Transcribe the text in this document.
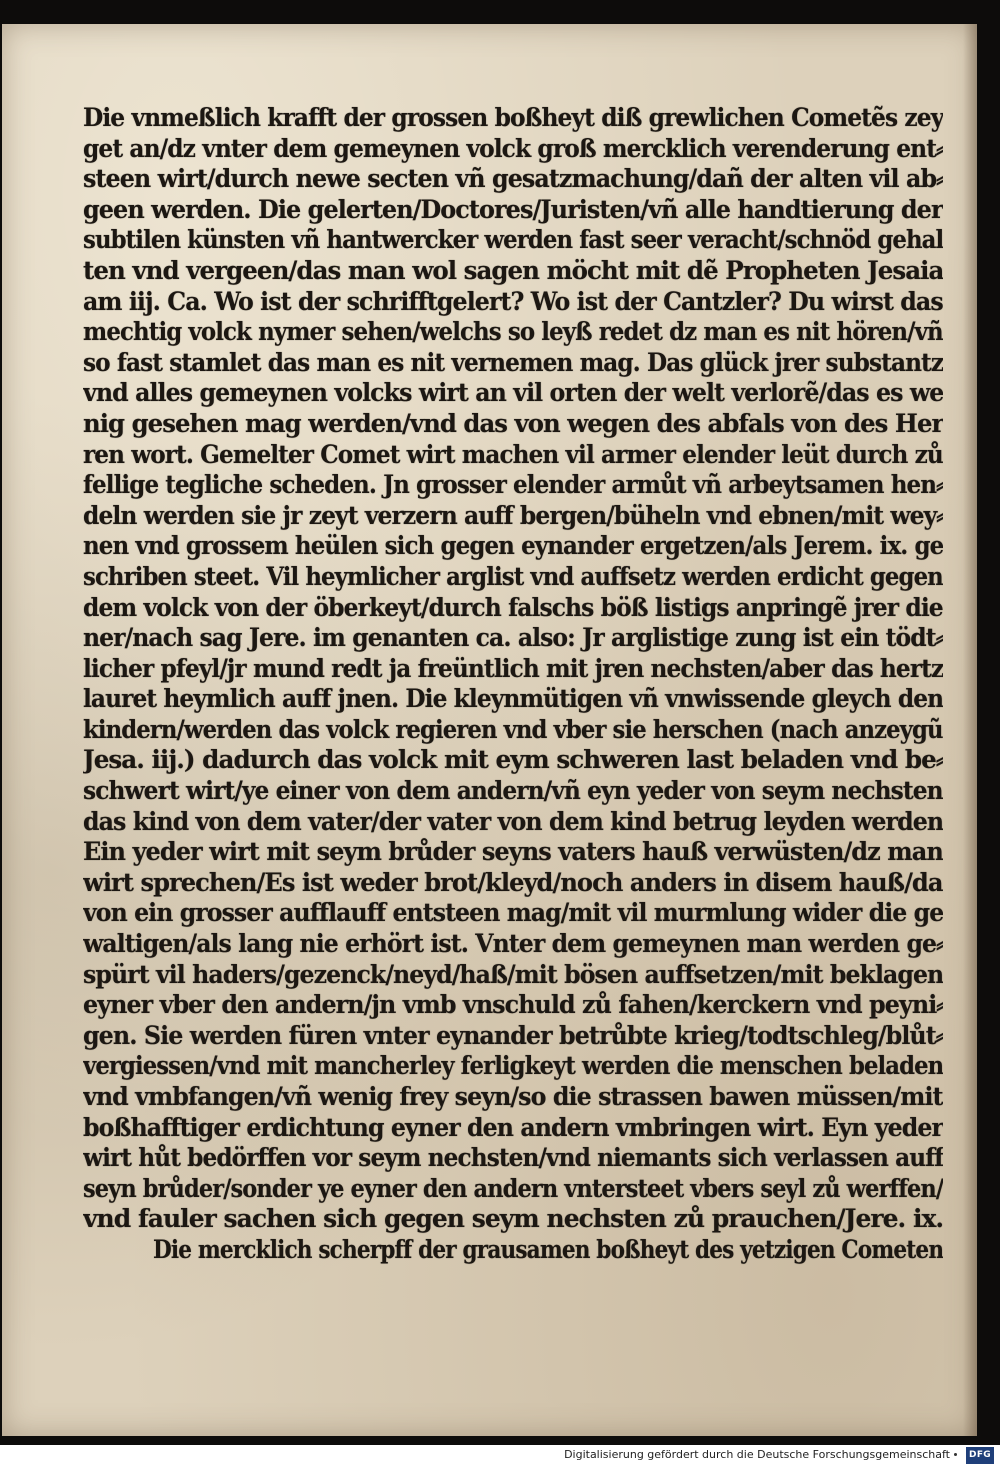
Die vnmeßlich krafft der grossen boßheyt diß grewlichen Cometẽs zey
get an/dz vnter dem gemeynen volck groß mercklich verenderung ent⸗
steen wirt/durch newe secten vñ gesatzmachung/dañ der alten vil ab⸗
geen werden. Die gelerten/Doctores/Juristen/vñ alle handtierung der
subtilen künsten vñ hantwercker werden fast seer veracht/schnöd gehal
ten vnd vergeen/das man wol sagen möcht mit dẽ Propheten Jesaia
am iij. Ca. Wo ist der schrifftgelert? Wo ist der Cantzler? Du wirst das
mechtig volck nymer sehen/welchs so leyß redet dz man es nit hören/vñ
so fast stamlet das man es nit vernemen mag. Das glück jrer substantz
vnd alles gemeynen volcks wirt an vil orten der welt verlorẽ/das es we
nig gesehen mag werden/vnd das von wegen des abfals von des Her
ren wort. Gemelter Comet wirt machen vil armer elender leüt durch zů
fellige tegliche scheden. Jn grosser elender armůt vñ arbeytsamen hen⸗
deln werden sie jr zeyt verzern auff bergen/büheln vnd ebnen/mit wey⸗
nen vnd grossem heülen sich gegen eynander ergetzen/als Jerem. ix. ge
schriben steet. Vil heymlicher arglist vnd auffsetz werden erdicht gegen
dem volck von der öberkeyt/durch falschs böß listigs anpringẽ jrer die
ner/nach sag Jere. im genanten ca. also: Jr arglistige zung ist ein tödt⸗
licher pfeyl/jr mund redt ja freüntlich mit jren nechsten/aber das hertz
lauret heymlich auff jnen. Die kleynmütigen vñ vnwissende gleych den
kindern/werden das volck regieren vnd vber sie herschen (nach anzeygũ
Jesa. iij.) dadurch das volck mit eym schweren last beladen vnd be⸗
schwert wirt/ye einer von dem andern/vñ eyn yeder von seym nechsten
das kind von dem vater/der vater von dem kind betrug leyden werden
Ein yeder wirt mit seym brůder seyns vaters hauß verwüsten/dz man
wirt sprechen/Es ist weder brot/kleyd/noch anders in disem hauß/da
von ein grosser aufflauff entsteen mag/mit vil murmlung wider die ge
waltigen/als lang nie erhört ist. Vnter dem gemeynen man werden ge⸗
spürt vil haders/gezenck/neyd/haß/mit bösen auffsetzen/mit beklagen
eyner vber den andern/jn vmb vnschuld zů fahen/kerckern vnd peyni⸗
gen. Sie werden füren vnter eynander betrůbte krieg/todtschleg/blůt⸗
vergiessen/vnd mit mancherley ferligkeyt werden die menschen beladen
vnd vmbfangen/vñ wenig frey seyn/so die strassen bawen müssen/mit
boßhafftiger erdichtung eyner den andern vmbringen wirt. Eyn yeder
wirt hůt bedörffen vor seym nechsten/vnd niemants sich verlassen auff
seyn brůder/sonder ye eyner den andern vntersteet vbers seyl zů werffen/
vnd fauler sachen sich gegen seym nechsten zů prauchen/Jere. ix.
Die mercklich scherpff der grausamen boßheyt des yetzigen Cometen
Digitalisierung gefördert durch die Deutsche Forschungsgemeinschaft	DFG
